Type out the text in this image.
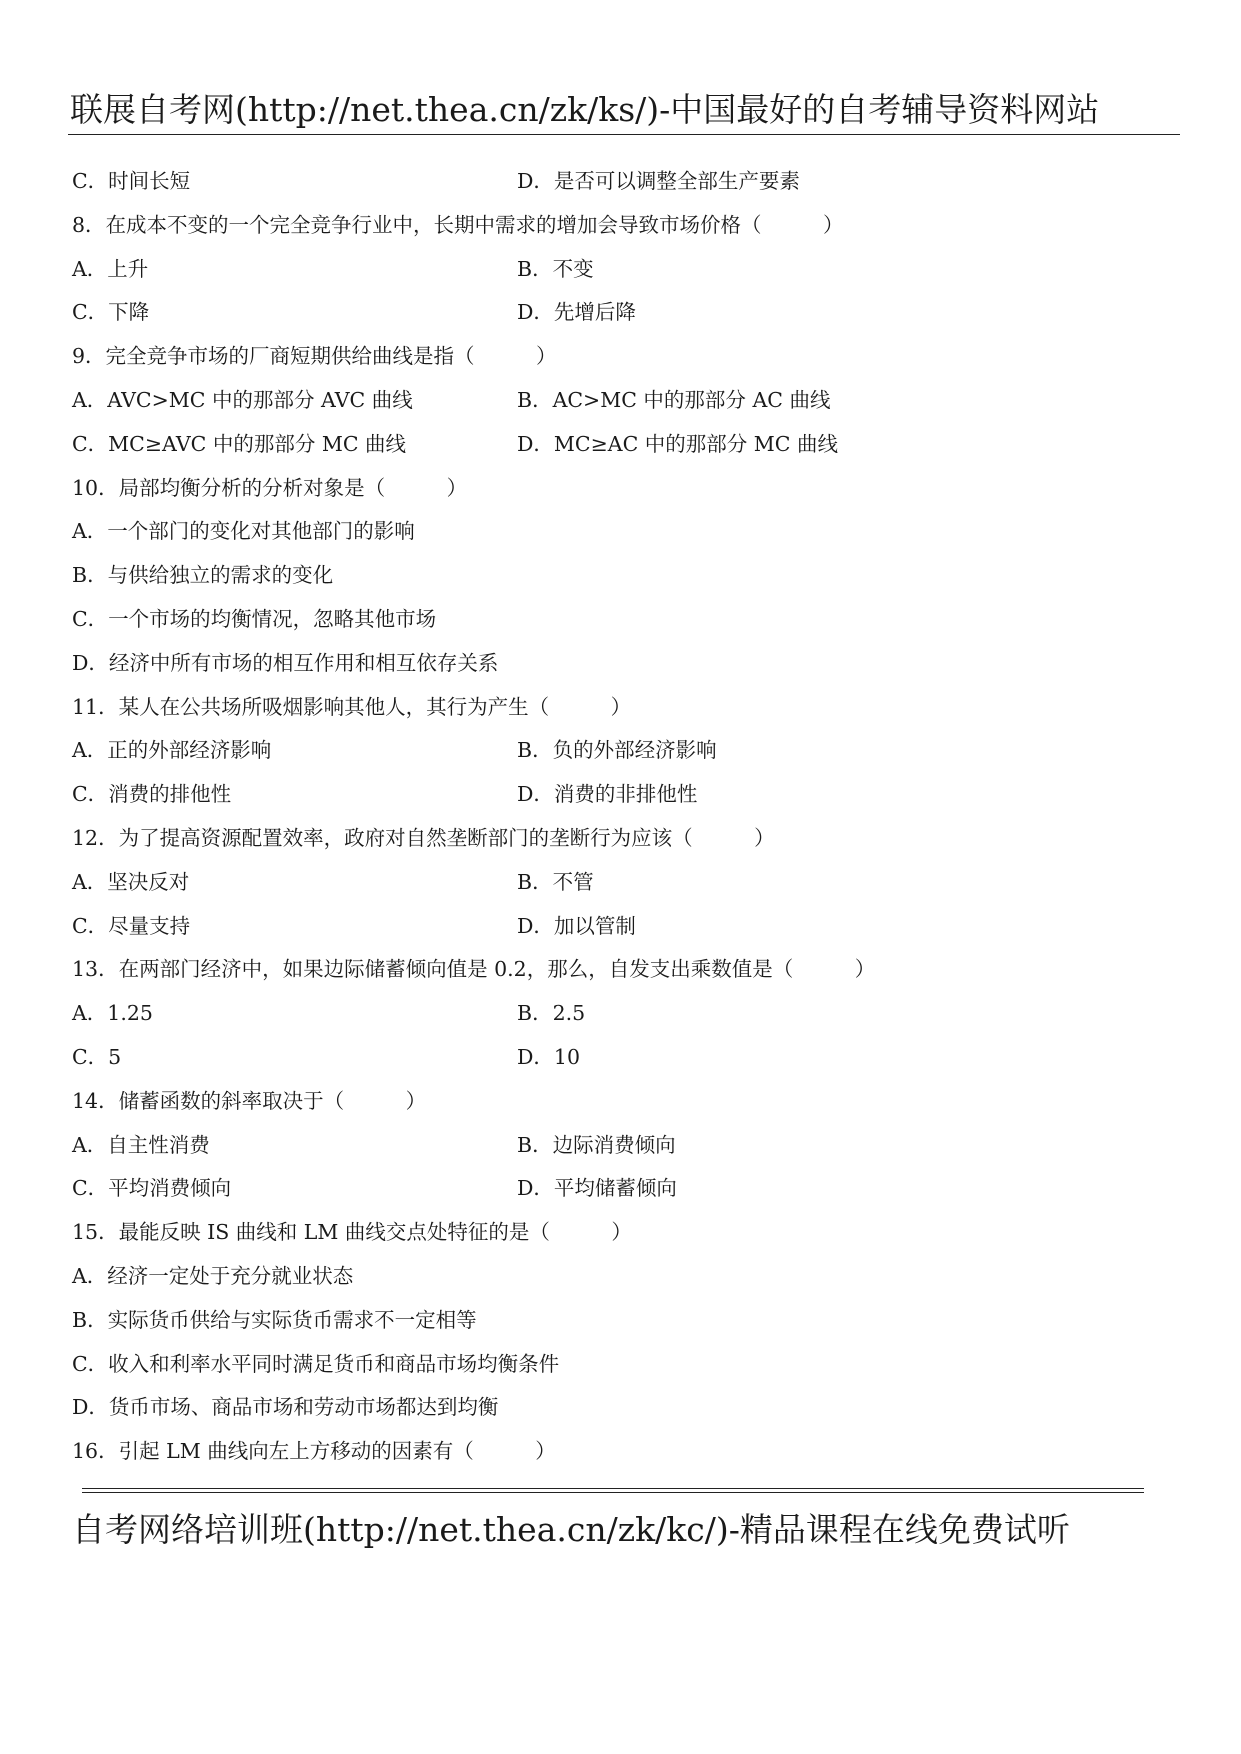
联展自考网(http://net.thea.cn/zk/ks/)-中国最好的自考辅导资料网站
C．时间长短	D．是否可以调整全部生产要素
8．在成本不变的一个完全竞争行业中，长期中需求的增加会导致市场价格（　　　）
A．上升	B．不变
C．下降	D．先增后降
9．完全竞争市场的厂商短期供给曲线是指（　　　）
A．AVC>MC 中的那部分 AVC 曲线	B．AC>MC 中的那部分 AC 曲线
C．MC≥AVC 中的那部分 MC 曲线	D．MC≥AC 中的那部分 MC 曲线
10．局部均衡分析的分析对象是（　　　）
A．一个部门的变化对其他部门的影响
B．与供给独立的需求的变化
C．一个市场的均衡情况，忽略其他市场
D．经济中所有市场的相互作用和相互依存关系
11．某人在公共场所吸烟影响其他人，其行为产生（　　　）
A．正的外部经济影响	B．负的外部经济影响
C．消费的排他性	D．消费的非排他性
12．为了提高资源配置效率，政府对自然垄断部门的垄断行为应该（　　　）
A．坚决反对	B．不管
C．尽量支持	D．加以管制
13．在两部门经济中，如果边际储蓄倾向值是 0.2，那么，自发支出乘数值是（　　　）
A．1.25	B．2.5
C．5	D．10
14．储蓄函数的斜率取决于（　　　）
A．自主性消费	B．边际消费倾向
C．平均消费倾向	D．平均储蓄倾向
15．最能反映 IS 曲线和 LM 曲线交点处特征的是（　　　）
A．经济一定处于充分就业状态
B．实际货币供给与实际货币需求不一定相等
C．收入和利率水平同时满足货币和商品市场均衡条件
D．货币市场、商品市场和劳动市场都达到均衡
16．引起 LM 曲线向左上方移动的因素有（　　　）
自考网络培训班(http://net.thea.cn/zk/kc/)-精品课程在线免费试听
